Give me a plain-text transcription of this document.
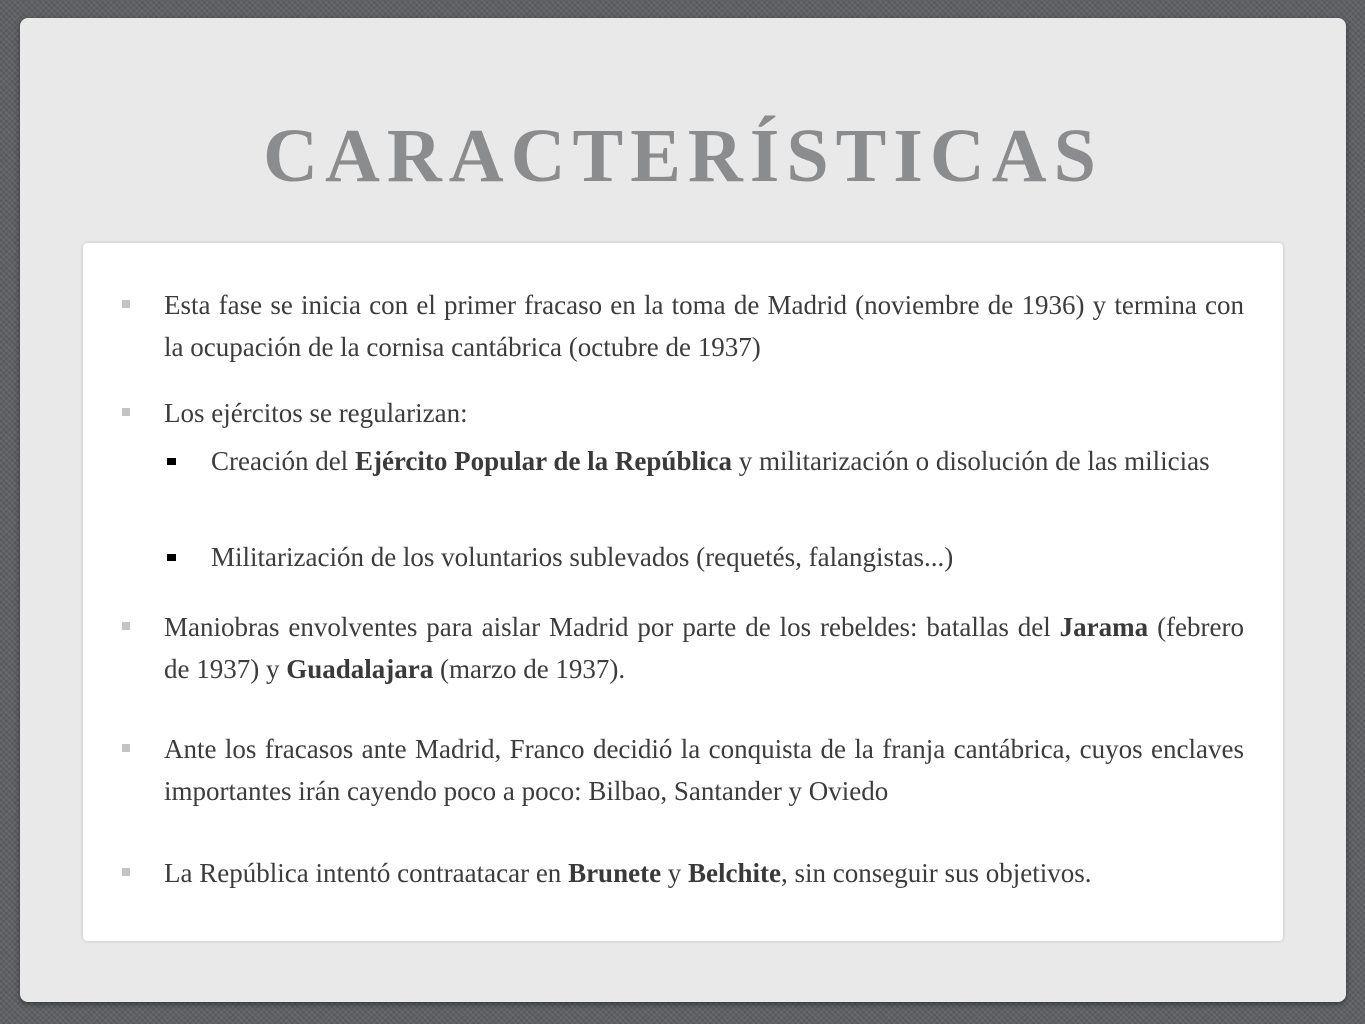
CARACTERÍSTICAS
Esta fase se inicia con el primer fracaso en la toma de Madrid (noviembre de 1936) y termina con la ocupación de la cornisa cantábrica (octubre de 1937)
Los ejércitos se regularizan:
Creación del Ejército Popular de la República y militarización o disolución de las milicias
Militarización de los voluntarios sublevados (requetés, falangistas...)
Maniobras envolventes para aislar Madrid por parte de los rebeldes: batallas del Jarama (febrero de 1937) y Guadalajara (marzo de 1937).
Ante los fracasos ante Madrid, Franco decidió la conquista de la franja cantábrica, cuyos enclaves importantes irán cayendo poco a poco: Bilbao, Santander y Oviedo
La República intentó contraatacar en Brunete y Belchite, sin conseguir sus objetivos.
